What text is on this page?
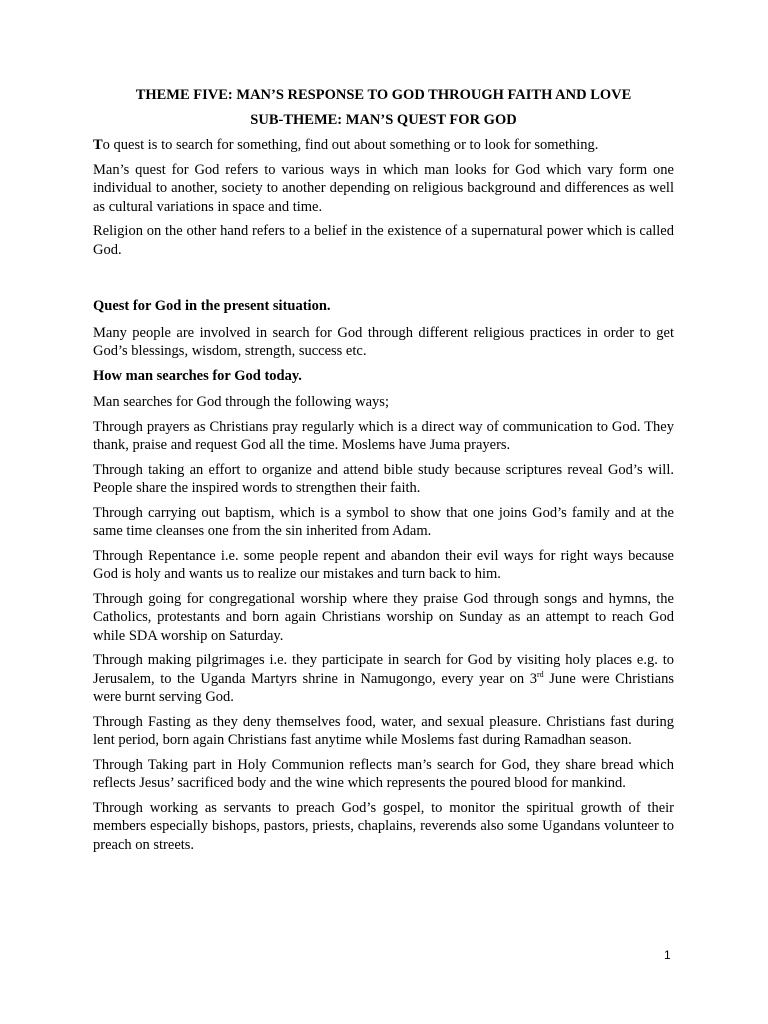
THEME FIVE: MAN’S RESPONSE TO GOD THROUGH FAITH AND LOVE
SUB-THEME: MAN’S QUEST FOR GOD

To quest is to search for something, find out about something or to look for something.

Man’s quest for God refers to various ways in which man looks for God which vary form one individual to another, society to another depending on religious background and differences as well as cultural variations in space and time.

Religion on the other hand refers to a belief in the existence of a supernatural power which is called God.

Quest for God in the present situation.

Many people are involved in search for God through different religious practices in order to get God’s blessings, wisdom, strength, success etc.

How man searches for God today.

Man searches for God through the following ways;

Through prayers as Christians pray regularly which is a direct way of communication to God. They thank, praise and request God all the time. Moslems have Juma prayers.

Through taking an effort to organize and attend bible study because scriptures reveal God’s will. People share the inspired words to strengthen their faith.

Through carrying out baptism, which is a symbol to show that one joins God’s family and at the same time cleanses one from the sin inherited from Adam.

Through Repentance i.e. some people repent and abandon their evil ways for right ways because God is holy and wants us to realize our mistakes and turn back to him.

Through going for congregational worship where they praise God through songs and hymns, the Catholics, protestants and born again Christians worship on Sunday as an attempt to reach God while SDA worship on Saturday.

Through making pilgrimages i.e. they participate in search for God by visiting holy places e.g. to Jerusalem, to the Uganda Martyrs shrine in Namugongo, every year on 3rd June were Christians were burnt serving God.

Through Fasting as they deny themselves food, water, and sexual pleasure. Christians fast during lent period, born again Christians fast anytime while Moslems fast during Ramadhan season.

Through Taking part in Holy Communion reflects man’s search for God, they share bread which reflects Jesus’ sacrificed body and the wine which represents the poured blood for mankind.

Through working as servants to preach God’s gospel, to monitor the spiritual growth of their members especially bishops, pastors, priests, chaplains, reverends also some Ugandans volunteer to preach on streets.

1
